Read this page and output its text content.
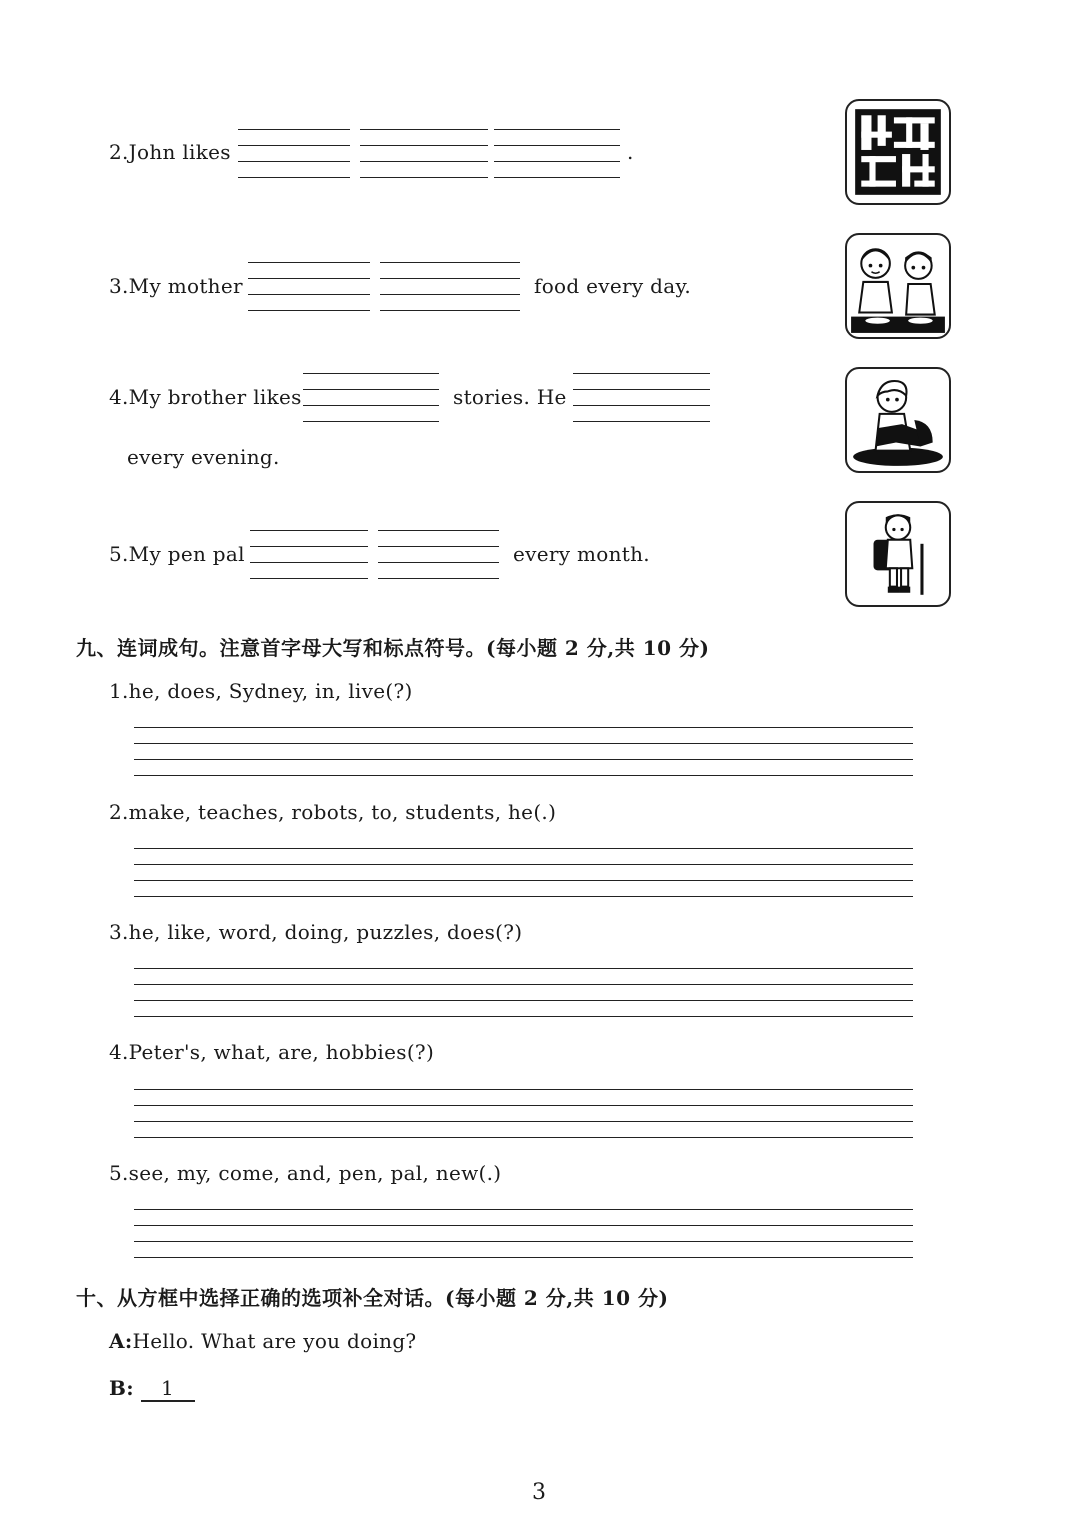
2.John likes	.
3.My mother	food every day.
4.My brother likes	stories. He
every evening.
5.My pen pal	every month.
九、连词成句。注意首字母大写和标点符号。(每小题 2 分,共 10 分)
1.he, does, Sydney, in, live(?)
2.make, teaches, robots, to, students, he(.)
3.he, like, word, doing, puzzles, does(?)
4.Peter's, what, are, hobbies(?)
5.see, my, come, and, pen, pal, new(.)
十、从方框中选择正确的选项补全对话。(每小题 2 分,共 10 分)
A:Hello. What are you doing?
B: 1
3
